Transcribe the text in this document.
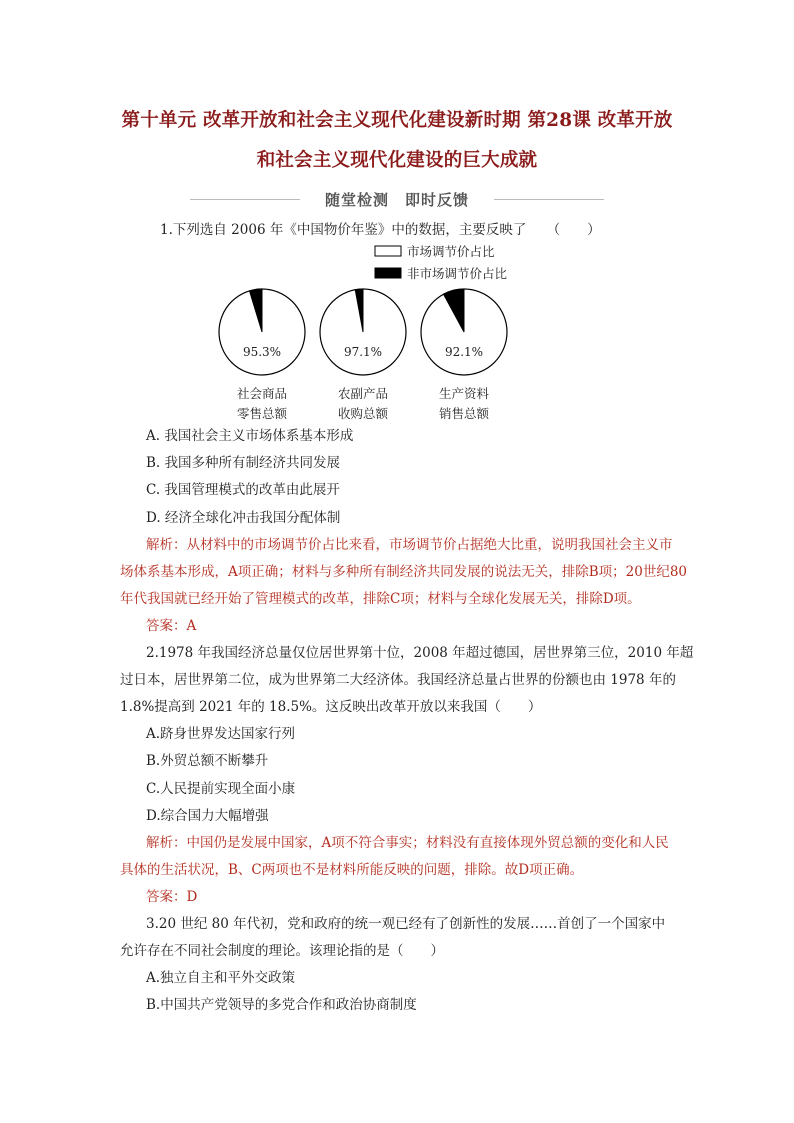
第十单元 改革开放和社会主义现代化建设新时期 第28课 改革开放
和社会主义现代化建设的巨大成就
随堂检测　即时反馈
1.下列选自 2006 年《中国物价年鉴》中的数据，主要反映了　　（　　）
市场调节价占比
非市场调节价占比
95.3%
社会商品
零售总额
97.1%
农副产品
收购总额
92.1%
生产资料
销售总额
A. 我国社会主义市场体系基本形成
B. 我国多种所有制经济共同发展
C. 我国管理模式的改革由此展开
D. 经济全球化冲击我国分配体制
解析：从材料中的市场调节价占比来看，市场调节价占据绝大比重，说明我国社会主义市
场体系基本形成，A项正确；材料与多种所有制经济共同发展的说法无关，排除B项；20世纪80
年代我国就已经开始了管理模式的改革，排除C项；材料与全球化发展无关，排除D项。
答案：A
2.1978 年我国经济总量仅位居世界第十位，2008 年超过德国，居世界第三位，2010 年超
过日本，居世界第二位，成为世界第二大经济体。我国经济总量占世界的份额也由 1978 年的
1.8%提高到 2021 年的 18.5%。这反映出改革开放以来我国（　　）
A.跻身世界发达国家行列
B.外贸总额不断攀升
C.人民提前实现全面小康
D.综合国力大幅增强
解析：中国仍是发展中国家，A项不符合事实；材料没有直接体现外贸总额的变化和人民
具体的生活状况，B、C两项也不是材料所能反映的问题，排除。故D项正确。
答案：D
3.20 世纪 80 年代初，党和政府的统一观已经有了创新性的发展……首创了一个国家中
允许存在不同社会制度的理论。该理论指的是（　　）
A.独立自主和平外交政策
B.中国共产党领导的多党合作和政治协商制度
